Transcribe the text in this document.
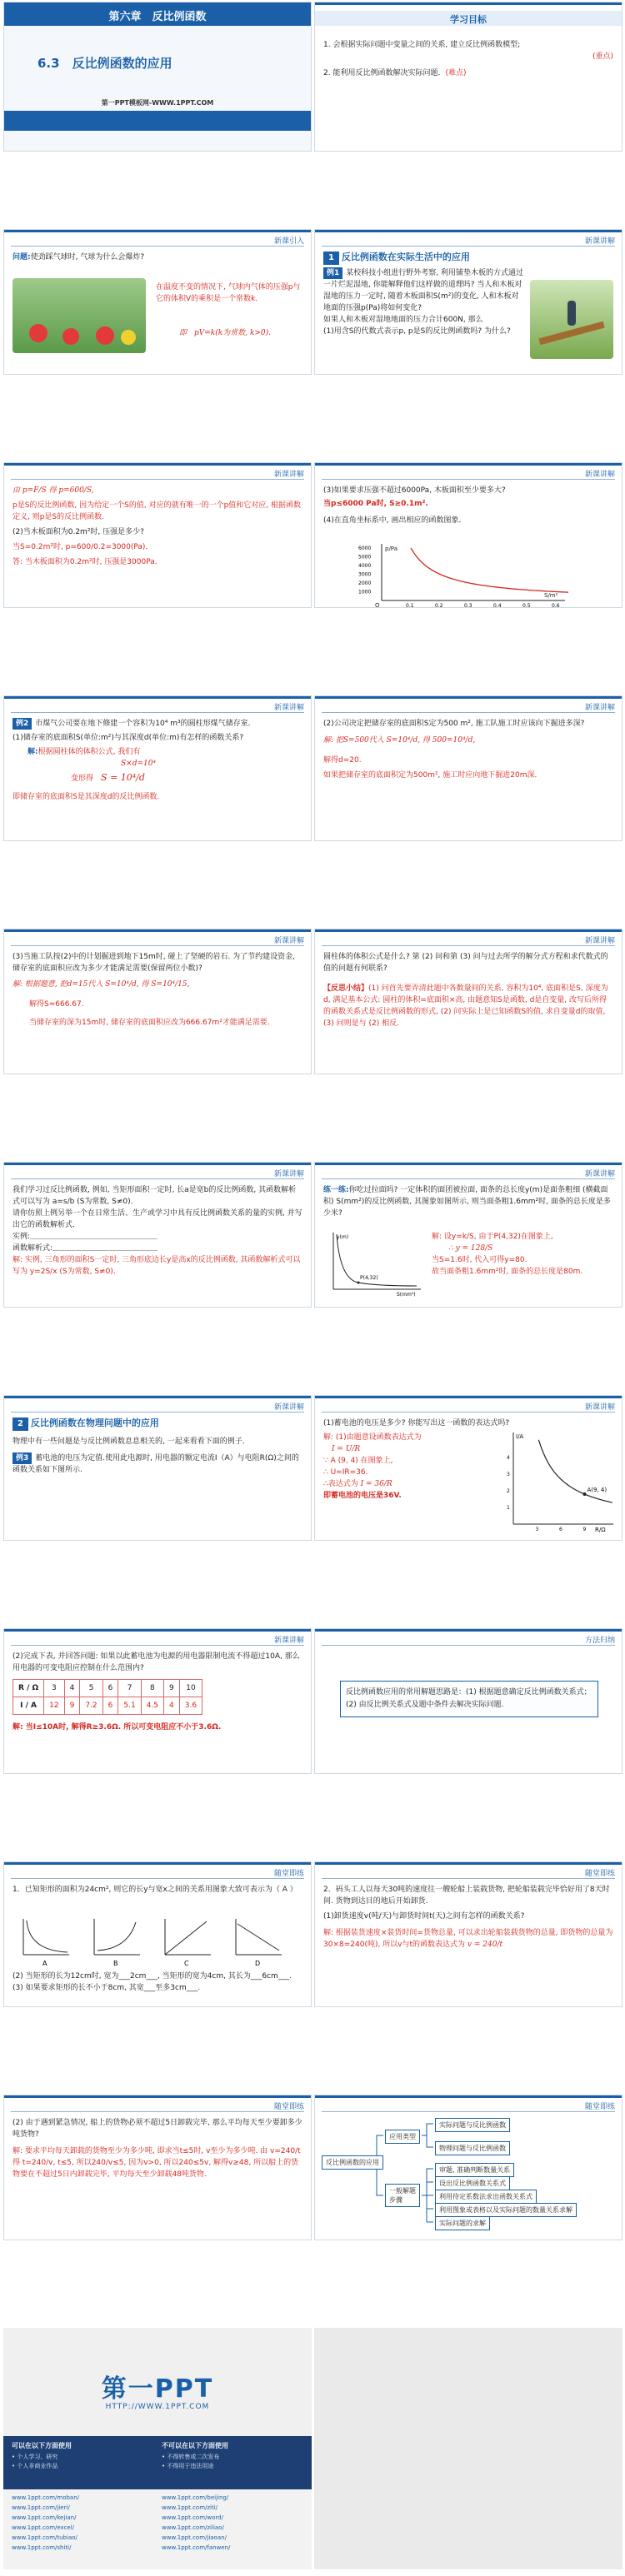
第六章　反比例函数
6.3　反比例函数的应用
第一PPT模板网-WWW.1PPT.COM
学习目标
1. 会根据实际问题中变量之间的关系, 建立反比例函数模型;
(重点)
2. 能利用反比例函数解决实际问题．(难点)
新课引入
问题:使劲踩气球时, 气球为什么会爆炸?
在温度不变的情况下, 气球内气体的压强p与它的体积V的乘积是一个常数k．
即　pV=k(k为常数, k>0).
新课讲解
1 反比例函数在实际生活中的应用
例1 某校科技小组进行野外考察, 利用铺垫木板的方式通过一片烂泥湿地, 你能解释他们这样做的道理吗? 当人和木板对湿地的压力一定时, 随着木板面积S(m²)的变化, 人和木板对地面的压强p(Pa)将如何变化?
如果人和木板对湿地地面的压力合计600N, 那么
(1)用含S的代数式表示p, p是S的反比例函数吗? 为什么?
新课讲解
由 p=F/S 得 p=600/S,
p是S的反比例函数, 因为给定一个S的值, 对应的就有唯一的一个p值和它对应, 根据函数定义, 则p是S的反比例函数．
(2)当木板面积为0.2m²时, 压强是多少?
当S=0.2m²时, p=600/0.2=3000(Pa)．
答: 当木板面积为0.2m²时, 压强是3000Pa．
新课讲解
(3)如果要求压强不超过6000Pa, 木板面积至少要多大?
当p≤6000 Pa时, S≥0.1m².
(4)在直角坐标系中, 画出相应的函数图象．
p/Pa
S/m²
O
6000
5000
4000
3000
2000
1000
0.1	0.2	0.3	0.4	0.5	0.6
新课讲解
例2 市煤气公司要在地下修建一个容积为10⁴ m³的圆柱形煤气储存室．
(1)储存室的底面积S(单位:m²)与其深度d(单位:m)有怎样的函数关系?
解:根据圆柱体的体积公式, 我们有
S×d=10⁴
变形得　 S = 10⁴/d
即储存室的底面积S是其深度d的反比例函数．
新课讲解
(2)公司决定把储存室的底面积S定为500 m², 施工队施工时应该向下掘进多深?
解: 把S=500代入 S=10⁴/d, 得 500=10⁴/d,
解得d=20.
如果把储存室的底面积定为500m², 施工时应向地下掘进20m深．
新课讲解
(3)当施工队按(2)中的计划掘进到地下15m时, 碰上了坚硬的岩石. 为了节约建设资金, 储存室的底面积应改为多少才能满足需要(保留两位小数)?
解: 根据题意, 把d=15代入 S=10⁴/d, 得 S=10⁴/15,
解得S≈666.67.
当储存室的深为15m时, 储存室的底面积应改为666.67m²才能满足需要．
新课讲解
圆柱体的体积公式是什么? 第 (2) 问和第 (3) 问与过去所学的解分式方程和求代数式的值的问题有何联系?
【反思小结】(1) 问首先要弄清此题中各数量间的关系, 容积为10⁴, 底面积是S, 深度为d, 满足基本公式: 圆柱的体积=底面积×高, 由题意知S是函数, d是自变量, 改写后所得的函数关系式是反比例函数的形式, (2) 问实际上是已知函数S的值, 求自变量d的取值, (3) 问则是与 (2) 相反．
新课讲解
我们学习过反比例函数, 例如, 当矩形面积一定时, 长a是宽b的反比例函数, 其函数解析式可以写为 a=s/b (S为常数, S≠0).
请你仿照上例另举一个在日常生活、生产或学习中具有反比例函数关系的量的实例, 并写出它的函数解析式．
实例:＿＿＿＿＿＿＿＿＿＿＿＿＿＿＿＿＿
函数解析式:＿＿＿＿＿＿＿＿＿＿＿＿＿＿
解: 实例, 三角形的面积S一定时, 三角形底边长y是高x的反比例函数, 其函数解析式可以写为 y=2S/x (S为常数, S≠0)．
新课讲解
练一练:你吃过拉面吗? 一定体积的面团被拉面, 面条的总长度y(m)是面条粗细 (横截面积) S(mm²)的反比例函数, 其图象如图所示, 则当面条粗1.6mm²时, 面条的总长度是多少米?
y(m)
S(mm²)
P(4,32)
解: 设y=k/S, 由于P(4,32)在图象上,
∴ y = 128/S
当S=1.6时, 代入可得y=80.
故当面条粗1.6mm²时, 面条的总长度是80m.
新课讲解
2 反比例函数在物理问题中的应用
物理中有一些问题是与反比例函数息息相关的, 一起来看看下面的例子．
例3 蓄电池的电压为定值.使用此电源时, 用电器的额定电流I（A）与电阻R(Ω)之间的函数关系如下图所示.
新课讲解
(1)蓄电池的电压是多少? 你能写出这一函数的表达式吗?
解: (1)由题意设函数表达式为
I = U/R
∵ A (9, 4) 在图象上,
∴ U=IR=36.
∴表达式为 I = 36/R
即蓄电池的电压是36V.
I/A
R/Ω
4
3
2
1
3	6	9
A(9, 4)
新课讲解
(2)完成下表, 并回答问题: 如果以此蓄电池为电源的用电器限制电流不得超过10A, 那么用电器的可变电阻应控制在什么范围内?
R / Ω	3	4	5	6	7	8	9	10
I / A	12	9	7.2	6	5.1	4.5	4	3.6
解: 当I≤10A时, 解得R≥3.6Ω. 所以可变电阻应不小于3.6Ω.
方法归纳
反比例函数应用的常用解题思路是：(1) 根据题意确定反比例函数关系式；(2) 由反比例关系式及题中条件去解决实际问题.
随堂即练
1．已知矩形的面积为24cm², 则它的长y与宽x之间的关系用图象大致可表示为（ A ）
A	B	C	D
(2) 当矩形的长为12cm时, 宽为___2cm___, 当矩形的宽为4cm, 其长为___6cm___.
(3) 如果要求矩形的长不小于8cm, 其宽___至多3cm___.
随堂即练
2．码头工人以每天30吨的速度往一艘轮船上装载货物, 把轮船装载完毕恰好用了8天时间. 货物到达目的地后开始卸货.
(1)卸货速度v(吨/天)与卸货时间t(天)之间有怎样的函数关系?
解: 根据装货速度×装货时间=货物总量, 可以求出轮船装载货物的总量, 即货物的总量为30×8=240(吨), 所以v与t的函数表达式为 v = 240/t
随堂即练
(2) 由于遇到紧急情况, 船上的货物必须不超过5日卸载完毕, 那么平均每天至少要卸多少吨货物?
解: 要求平均每天卸载的货物至少为多少吨, 即求当t≤5时, v至少为多少吨. 由 v=240/t 得 t=240/v, t≤5, 所以240/v≤5, 因为v>0, 所以240≤5v, 解得v≥48, 所以船上的货物要在不超过5日内卸载完毕, 平均每天至少卸载48吨货物.
随堂即练
反比例函数的应用
应用类型
一般解题步骤
实际问题与反比例函数
物理问题与反比例函数
审题, 准确判断数量关系
设出反比例函数关系式
利用待定系数法求出函数关系式
利用图象或表格以及实际问题的数量关系求解
实际问题的求解
第一PPT
HTTP://WWW.1PPT.COM
可以在以下方面使用
• 个人学习、研究
• 个人非商业作品
不可以在以下方面使用
• 不得转售或二次发布
• 不得用于违法用途
www.1ppt.com/moban/	www.1ppt.com/beijing/
www.1ppt.com/jieri/	www.1ppt.com/ziti/
www.1ppt.com/kejian/	www.1ppt.com/word/
www.1ppt.com/excel/	www.1ppt.com/ziliao/
www.1ppt.com/tubiao/	www.1ppt.com/jiaoan/
www.1ppt.com/shiti/	www.1ppt.com/fanwen/
